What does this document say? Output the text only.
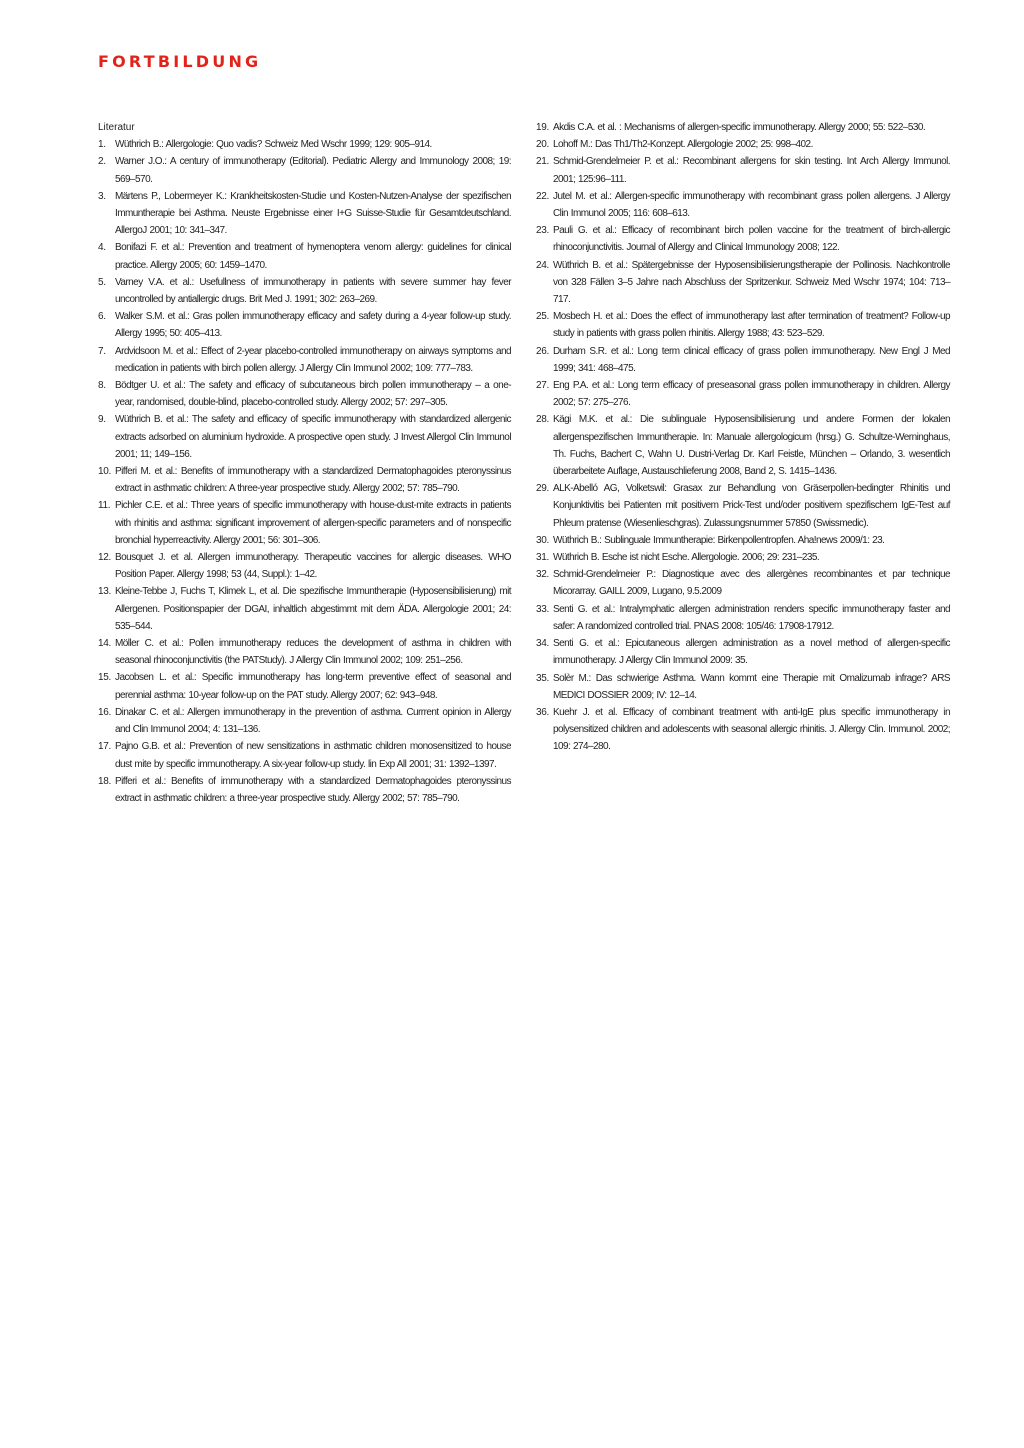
FORTBILDUNG
Literatur
1. Wüthrich B.: Allergologie: Quo vadis? Schweiz Med Wschr 1999; 129: 905–914.
2. Warner J.O.: A century of immunotherapy (Editorial). Pediatric Allergy and Immunology 2008; 19: 569–570.
3. Märtens P., Lobermeyer K.: Krankheitskosten-Studie und Kosten-Nutzen-Analyse der spezifischen Immuntherapie bei Asthma. Neuste Ergebnisse einer I+G Suisse-Studie für Gesamtdeutschland. AllergoJ 2001; 10: 341–347.
4. Bonifazi F. et al.: Prevention and treatment of hymenoptera venom allergy: guidelines for clinical practice. Allergy 2005; 60: 1459–1470.
5. Varney V.A. et al.: Usefullness of immunotherapy in patients with severe summer hay fever uncontrolled by antiallergic drugs. Brit Med J. 1991; 302: 263–269.
6. Walker S.M. et al.: Gras pollen immunotherapy efficacy and safety during a 4-year follow-up study. Allergy 1995; 50: 405–413.
7. Ardvidsoon M. et al.: Effect of 2-year placebo-controlled immunotherapy on airways symptoms and medication in patients with birch pollen allergy. J Allergy Clin Immunol 2002; 109: 777–783.
8. Bödtger U. et al.: The safety and efficacy of subcutaneous birch pollen immunotherapy – a one-year, randomised, double-blind, placebo-controlled study. Allergy 2002; 57: 297–305.
9. Wüthrich B. et al.: The safety and efficacy of specific immunotherapy with standardized allergenic extracts adsorbed on aluminium hydroxide. A prospective open study. J Invest Allergol Clin Immunol 2001; 11; 149–156.
10. Pifferi M. et al.: Benefits of immunotherapy with a standardized Dermatophagoides pteronyssinus extract in asthmatic children: A three-year prospective study. Allergy 2002; 57: 785–790.
11. Pichler C.E. et al.: Three years of specific immunotherapy with house-dust-mite extracts in patients with rhinitis and asthma: significant improvement of allergen-specific parameters and of nonspecific bronchial hyperreactivity. Allergy 2001; 56: 301–306.
12. Bousquet J. et al. Allergen immunotherapy. Therapeutic vaccines for allergic diseases. WHO Position Paper. Allergy 1998; 53 (44, Suppl.): 1–42.
13. Kleine-Tebbe J, Fuchs T, Klimek L, et al. Die spezifische Immuntherapie (Hyposensibilisierung) mit Allergenen. Positionspapier der DGAI, inhaltlich abgestimmt mit dem ÄDA. Allergologie 2001; 24: 535–544.
14. Möller C. et al.: Pollen immunotherapy reduces the development of asthma in children with seasonal rhinoconjunctivitis (the PATStudy). J Allergy Clin Immunol 2002; 109: 251–256.
15. Jacobsen L. et al.: Specific immunotherapy has long-term preventive effect of seasonal and perennial asthma: 10-year follow-up on the PAT study. Allergy 2007; 62: 943–948.
16. Dinakar C. et al.: Allergen immunotherapy in the prevention of asthma. Currrent opinion in Allergy and Clin Immunol 2004; 4: 131–136.
17. Pajno G.B. et al.: Prevention of new sensitizations in asthmatic children monosensitized to house dust mite by specific immunotherapy. A six-year follow-up study. lin Exp All 2001; 31: 1392–1397.
18. Pifferi et al.: Benefits of immunotherapy with a standardized Dermatophagoides pteronyssinus extract in asthmatic children: a three-year prospective study. Allergy 2002; 57: 785–790.
19. Akdis C.A. et al. : Mechanisms of allergen-specific immunotherapy. Allergy 2000; 55: 522–530.
20. Lohoff M.: Das Th1/Th2-Konzept. Allergologie 2002; 25: 998–402.
21. Schmid-Grendelmeier P. et al.: Recombinant allergens for skin testing. Int Arch Allergy Immunol. 2001; 125:96–111.
22. Jutel M. et al.: Allergen-specific immunotherapy with recombinant grass pollen allergens. J Allergy Clin Immunol 2005; 116: 608–613.
23. Pauli G. et al.: Efficacy of recombinant birch pollen vaccine for the treatment of birch-allergic rhinoconjunctivitis. Journal of Allergy and Clinical Immunology 2008; 122.
24. Wüthrich B. et al.: Spätergebnisse der Hyposensibilisierungstherapie der Pollinosis. Nachkontrolle von 328 Fällen 3–5 Jahre nach Abschluss der Spritzenkur. Schweiz Med Wschr 1974; 104: 713–717.
25. Mosbech H. et al.: Does the effect of immunotherapy last after termination of treatment? Follow-up study in patients with grass pollen rhinitis. Allergy 1988; 43: 523–529.
26. Durham S.R. et al.: Long term clinical efficacy of grass pollen immunotherapy. New Engl J Med 1999; 341: 468–475.
27. Eng P.A. et al.: Long term efficacy of preseasonal grass pollen immunotherapy in children. Allergy 2002; 57: 275–276.
28. Kägi M.K. et al.: Die sublinguale Hyposensibilisierung und andere Formen der lokalen allergenspezifischen Immuntherapie. In: Manuale allergologicum (hrsg.) G. Schultze-Werninghaus, Th. Fuchs, Bachert C, Wahn U. Dustri-Verlag Dr. Karl Feistle, München – Orlando, 3. wesentlich überarbeitete Auflage, Austauschlieferung 2008, Band 2, S. 1415–1436.
29. ALK-Abelló AG, Volketswil: Grasax zur Behandlung von Gräserpollen-bedingter Rhinitis und Konjunktivitis bei Patienten mit positivem Prick-Test und/oder positivem spezifischem IgE-Test auf Phleum pratense (Wiesenlieschgras). Zulassungsnummer 57850 (Swissmedic).
30. Wüthrich B.: Sublinguale Immuntherapie: Birkenpollentropfen. Aha!news 2009/1: 23.
31. Wüthrich B. Esche ist nicht Esche. Allergologie. 2006; 29: 231–235.
32. Schmid-Grendelmeier P.: Diagnostique avec des allergènes recombinantes et par technique Micorarray. GAILL 2009, Lugano, 9.5.2009
33. Senti G. et al.: Intralymphatic allergen administration renders specific immunotherapy faster and safer: A randomized controlled trial. PNAS 2008: 105/46: 17908-17912.
34. Senti G. et al.: Epicutaneous allergen administration as a novel method of allergen-specific immunotherapy. J Allergy Clin Immunol 2009: 35.
35. Solèr M.: Das schwierige Asthma. Wann kommt eine Therapie mit Omalizumab infrage? ARS MEDICI DOSSIER 2009; IV: 12–14.
36. Kuehr J. et al. Efficacy of combinant treatment with anti-IgE plus specific immunotherapy in polysensitized children and adolescents with seasonal allergic rhinitis. J. Allergy Clin. Immunol. 2002; 109: 274–280.
